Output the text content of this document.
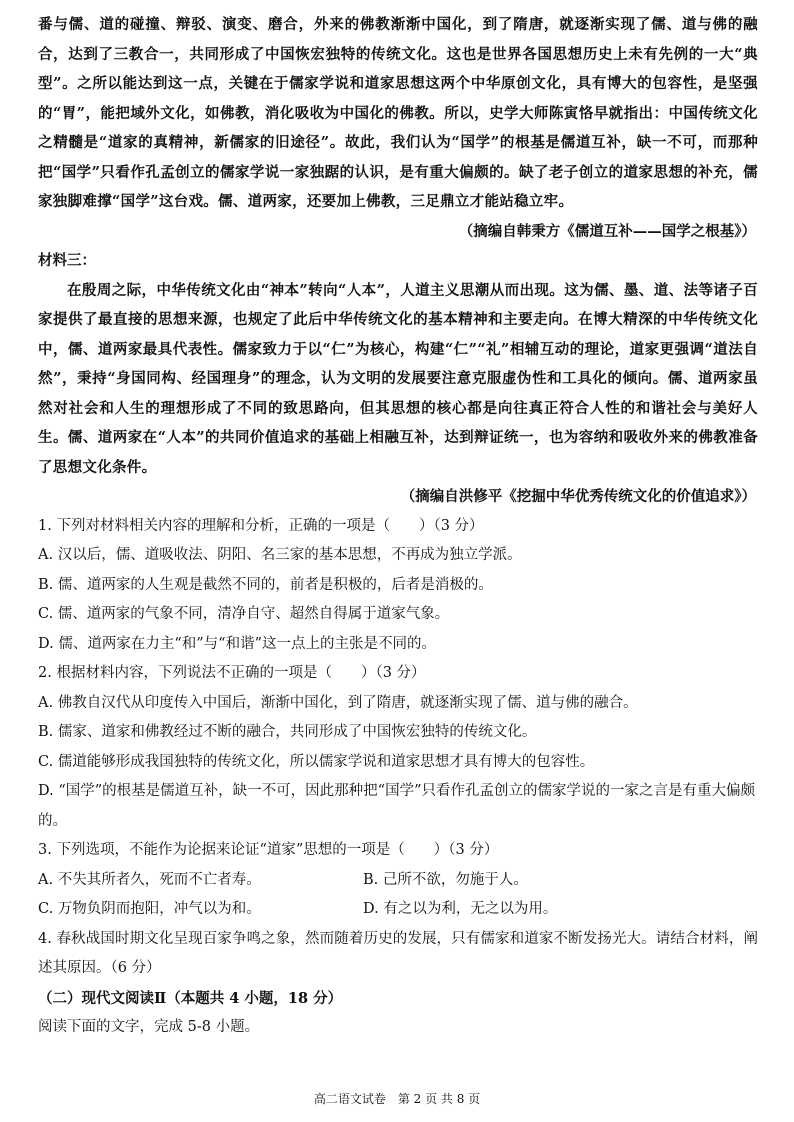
番与儒、道的碰撞、辩驳、演变、磨合，外来的佛教渐渐中国化，到了隋唐，就逐渐实现了儒、道与佛的融合，达到了三教合一，共同形成了中国恢宏独特的传统文化。这也是世界各国思想历史上未有先例的一大“典型”。之所以能达到这一点，关键在于儒家学说和道家思想这两个中华原创文化，具有博大的包容性，是坚强的“胃”，能把域外文化，如佛教，消化吸收为中国化的佛教。所以，史学大师陈寅恪早就指出：中国传统文化之精髓是“道家的真精神，新儒家的旧途径”。故此，我们认为“国学”的根基是儒道互补，缺一不可，而那种把“国学”只看作孔孟创立的儒家学说一家独踞的认识，是有重大偏颇的。缺了老子创立的道家思想的补充，儒家独脚难撑“国学”这台戏。儒、道两家，还要加上佛教，三足鼎立才能站稳立牢。

（摘编自韩秉方《儒道互补——国学之根基》）

材料三：

在殷周之际，中华传统文化由“神本”转向“人本”，人道主义思潮从而出现。这为儒、墨、道、法等诸子百家提供了最直接的思想来源，也规定了此后中华传统文化的基本精神和主要走向。在博大精深的中华传统文化中，儒、道两家最具代表性。儒家致力于以“仁”为核心，构建“仁”“礼”相辅互动的理论，道家更强调“道法自然”，秉持“身国同构、经国理身”的理念，认为文明的发展要注意克服虚伪性和工具化的倾向。儒、道两家虽然对社会和人生的理想形成了不同的致思路向，但其思想的核心都是向往真正符合人性的和谐社会与美好人生。儒、道两家在“人本”的共同价值追求的基础上相融互补，达到辩证统一，也为容纳和吸收外来的佛教准备了思想文化条件。

（摘编自洪修平《挖掘中华优秀传统文化的价值追求》）

1. 下列对材料相关内容的理解和分析，正确的一项是（　　）（3 分）

A. 汉以后，儒、道吸收法、阴阳、名三家的基本思想，不再成为独立学派。

B. 儒、道两家的人生观是截然不同的，前者是积极的，后者是消极的。

C. 儒、道两家的气象不同，清净自守、超然自得属于道家气象。

D. 儒、道两家在力主“和”与“和谐”这一点上的主张是不同的。

2. 根据材料内容，下列说法不正确的一项是（　　）（3 分）

A. 佛教自汉代从印度传入中国后，渐渐中国化，到了隋唐，就逐渐实现了儒、道与佛的融合。

B. 儒家、道家和佛教经过不断的融合，共同形成了中国恢宏独特的传统文化。

C. 儒道能够形成我国独特的传统文化，所以儒家学说和道家思想才具有博大的包容性。

D. “国学”的根基是儒道互补，缺一不可，因此那种把“国学”只看作孔孟创立的儒家学说的一家之言是有重大偏颇的。

3. 下列选项，不能作为论据来论证“道家”思想的一项是（　　）（3 分）

A. 不失其所者久，死而不亡者寿。	B. 己所不欲，勿施于人。
C. 万物负阴而抱阳，冲气以为和。	D. 有之以为利，无之以为用。

4. 春秋战国时期文化呈现百家争鸣之象，然而随着历史的发展，只有儒家和道家不断发扬光大。请结合材料，阐述其原因。（6 分）

（二）现代文阅读Ⅱ（本题共 4 小题，18 分）

阅读下面的文字，完成 5-8 小题。

高二语文试卷　第 2 页 共 8 页
